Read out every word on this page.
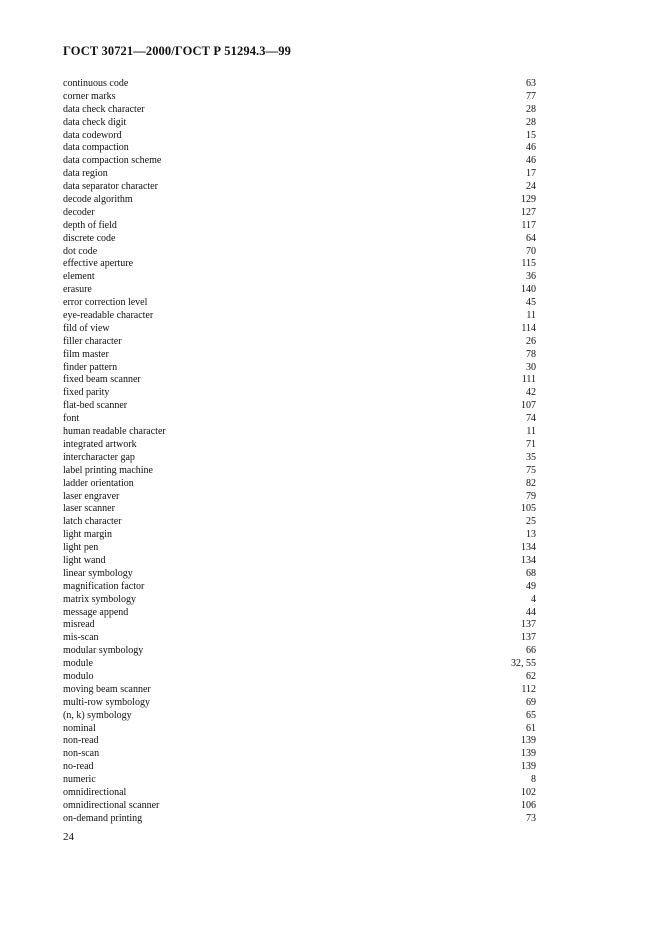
ГОСТ 30721—2000/ГОСТ Р 51294.3—99
continuous code	63
corner marks	77
data check character	28
data check digit	28
data codeword	15
data compaction	46
data compaction scheme	46
data region	17
data separator character	24
decode algorithm	129
decoder	127
depth of field	117
discrete code	64
dot code	70
effective aperture	115
element	36
erasure	140
error correction level	45
eye-readable character	11
fild of view	114
filler character	26
film master	78
finder pattern	30
fixed beam scanner	111
fixed parity	42
flat-bed scanner	107
font	74
human readable character	11
integrated artwork	71
intercharacter gap	35
label printing machine	75
ladder orientation	82
laser engraver	79
laser scanner	105
latch character	25
light margin	13
light pen	134
light wand	134
linear symbology	68
magnification factor	49
matrix symbology	4
message append	44
misread	137
mis-scan	137
modular symbology	66
module	32, 55
modulo	62
moving beam scanner	112
multi-row symbology	69
(n, k) symbology	65
nominal	61
non-read	139
non-scan	139
no-read	139
numeric	8
omnidirectional	102
omnidirectional scanner	106
on-demand printing	73
24
